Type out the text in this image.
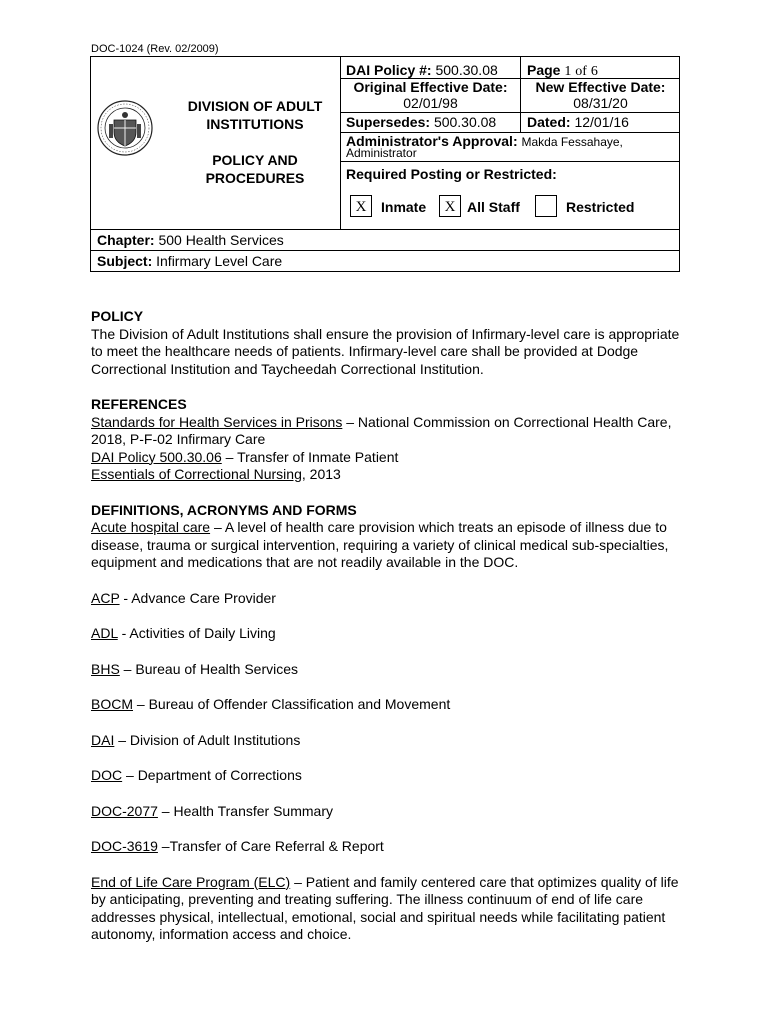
DOC-1024 (Rev. 02/2009)
DIVISION OF ADULT
INSTITUTIONS
POLICY AND
PROCEDURES
DAI Policy #: 500.30.08 Page 1 of 6
Original Effective Date:
02/01/98
New Effective Date:
08/31/20
Supersedes: 500.30.08 Dated: 12/01/16
Administrator's Approval: Makda Fessahaye,
Administrator
Required Posting or Restricted:
X	Inmate	X All Staff	Restricted
Chapter: 500 Health Services
Subject: Infirmary Level Care

POLICY

The Division of Adult Institutions shall ensure the provision of Infirmary-level care is appropriate to meet the healthcare needs of patients. Infirmary-level care shall be provided at Dodge Correctional Institution and Taycheedah Correctional Institution.

REFERENCES

Standards for Health Services in Prisons – National Commission on Correctional Health Care, 2018, P-F-02 Infirmary Care

DAI Policy 500.30.06 – Transfer of Inmate Patient

Essentials of Correctional Nursing, 2013

DEFINITIONS, ACRONYMS AND FORMS

Acute hospital care – A level of health care provision which treats an episode of illness due to disease, trauma or surgical intervention, requiring a variety of clinical medical sub-specialties, equipment and medications that are not readily available in the DOC.

ACP - Advance Care Provider

ADL - Activities of Daily Living

BHS – Bureau of Health Services

BOCM – Bureau of Offender Classification and Movement

DAI – Division of Adult Institutions

DOC – Department of Corrections

DOC-2077 – Health Transfer Summary

DOC-3619 –Transfer of Care Referral & Report

End of Life Care Program (ELC) – Patient and family centered care that optimizes quality of life by anticipating, preventing and treating suffering. The illness continuum of end of life care addresses physical, intellectual, emotional, social and spiritual needs while facilitating patient autonomy, information access and choice.
